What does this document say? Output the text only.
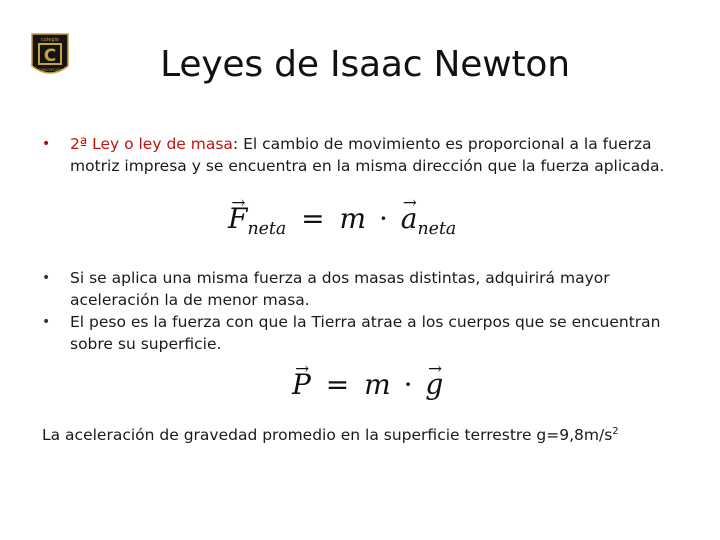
colegio
C
CONCEPCION	Leyes de Isaac Newton
• 2ª Ley o ley de masa: El cambio de movimiento es proporcional a la fuerza motriz impresa y se encuentra en la misma dirección que la fuerza aplicada.
→ $F_{neta} = m$ · → $a_{neta}$
• Si se aplica una misma fuerza a dos masas distintas, adquirirá mayor aceleración la de menor masa.
• El peso es la fuerza con que la Tierra atrae a los cuerpos que se encuentran sobre su superficie.
→ P = m · → g
La aceleración de gravedad promedio en la superficie terrestre $g=9,8m/s^2$
